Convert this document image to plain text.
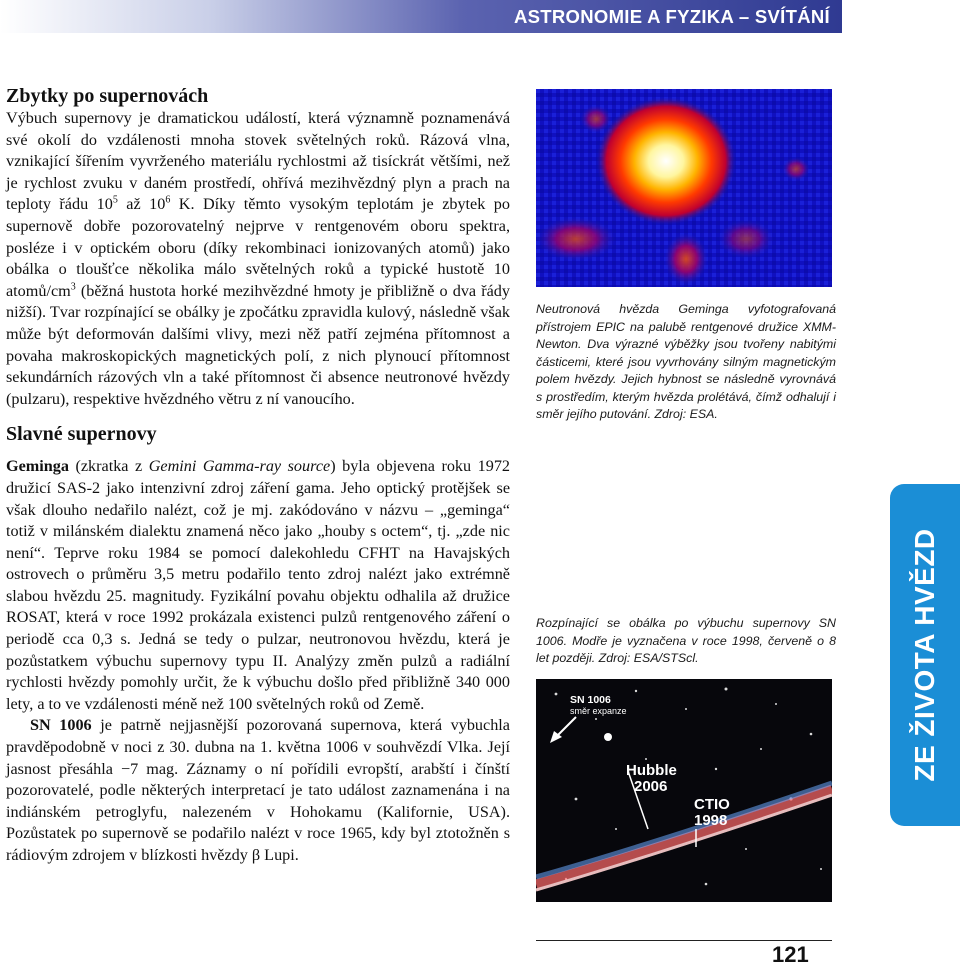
ASTRONOMIE A FYZIKA – SVÍTÁNÍ
Zbytky po supernovách

Výbuch supernovy je dramatickou událostí, která významně poznamenává své okolí do vzdálenosti mnoha stovek světelných roků. Rázová vlna, vznikající šířením vyvrženého materiálu rychlostmi až tisíckrát většími, než je rychlost zvuku v daném prostředí, ohřívá mezihvězdný plyn a prach na teploty řádu $10^5$ až $10^6$ K. Díky těmto vysokým teplotám je zbytek po supernově dobře pozorovatelný nejprve v rentgenovém oboru spektra, posléze i v optickém oboru (díky rekombinaci ionizovaných atomů) jako obálka o tloušťce několika málo světelných roků a typické hustotě 10 atomů/$cm^3$ (běžná hustota horké mezihvězdné hmoty je přibližně o dva řády nižší). Tvar rozpínající se obálky je zpočátku zpravidla kulový, následně však může být deformován dalšími vlivy, mezi něž patří zejména přítomnost a povaha makroskopických magnetických polí, z nich plynoucí přítomnost sekundárních rázových vln a také přítomnost či absence neutronové hvězdy (pulzaru), respektive hvězdného větru z ní vanoucího.

Slavné supernovy

Geminga (zkratka z Gemini Gamma-ray source) byla objevena roku 1972 družicí SAS-2 jako intenzivní zdroj záření gama. Jeho optický protějšek se však dlouho nedařilo nalézt, což je mj. zakódováno v názvu – „geminga“ totiž v milánském dialektu znamená něco jako „houby s octem“, tj. „zde nic není“. Teprve roku 1984 se pomocí dalekohledu CFHT na Havajských ostrovech o průměru 3,5 metru podařilo tento zdroj nalézt jako extrémně slabou hvězdu 25. magnitudy. Fyzikální povahu objektu odhalila až družice ROSAT, která v roce 1992 prokázala existenci pulzů rentgenového záření o periodě cca 0,3 s. Jedná se tedy o pulzar, neutronovou hvězdu, která je pozůstatkem výbuchu supernovy typu II. Analýzy změn pulzů a radiální rychlosti hvězdy pomohly určit, že k výbuchu došlo před přibližně 340 000 lety, a to ve vzdálenosti méně než 100 světelných roků od Země.

SN 1006 je patrně nejjasnější pozorovaná supernova, která vybuchla pravděpodobně v noci z 30. dubna na 1. května 1006 v souhvězdí Vlka. Její jasnost přesáhla −7 mag. Záznamy o ní pořídili evropští, arabští i čínští pozorovatelé, podle některých interpretací je tato událost zaznamenána i na indiánském petroglyfu, nalezeném v Hohokamu (Kalifornie, USA). Pozůstatek po supernově se podařilo nalézt v roce 1965, kdy byl ztotožněn s rádiovým zdrojem v blízkosti hvězdy β Lupi.

Neutronová hvězda Geminga vyfotografovaná přístrojem EPIC na palubě rentgenové družice XMM-Newton. Dva výrazné výběžky jsou tvořeny nabitými částicemi, které jsou vyvrhovány silným magnetickým polem hvězdy. Jejich hybnost se následně vyrovnává s prostředím, kterým hvězda prolétává, čímž odhalují i směr jejího putování. Zdroj: ESA.
Rozpínající se obálka po výbuchu supernovy SN 1006. Modře je vyznačena v roce 1998, červeně o 8 let později. Zdroj: ESA/STScl.
SN 1006
směr expanze
Hubble
2006
CTIO
1998
ZE ŽIVOTA HVĚZD
121
